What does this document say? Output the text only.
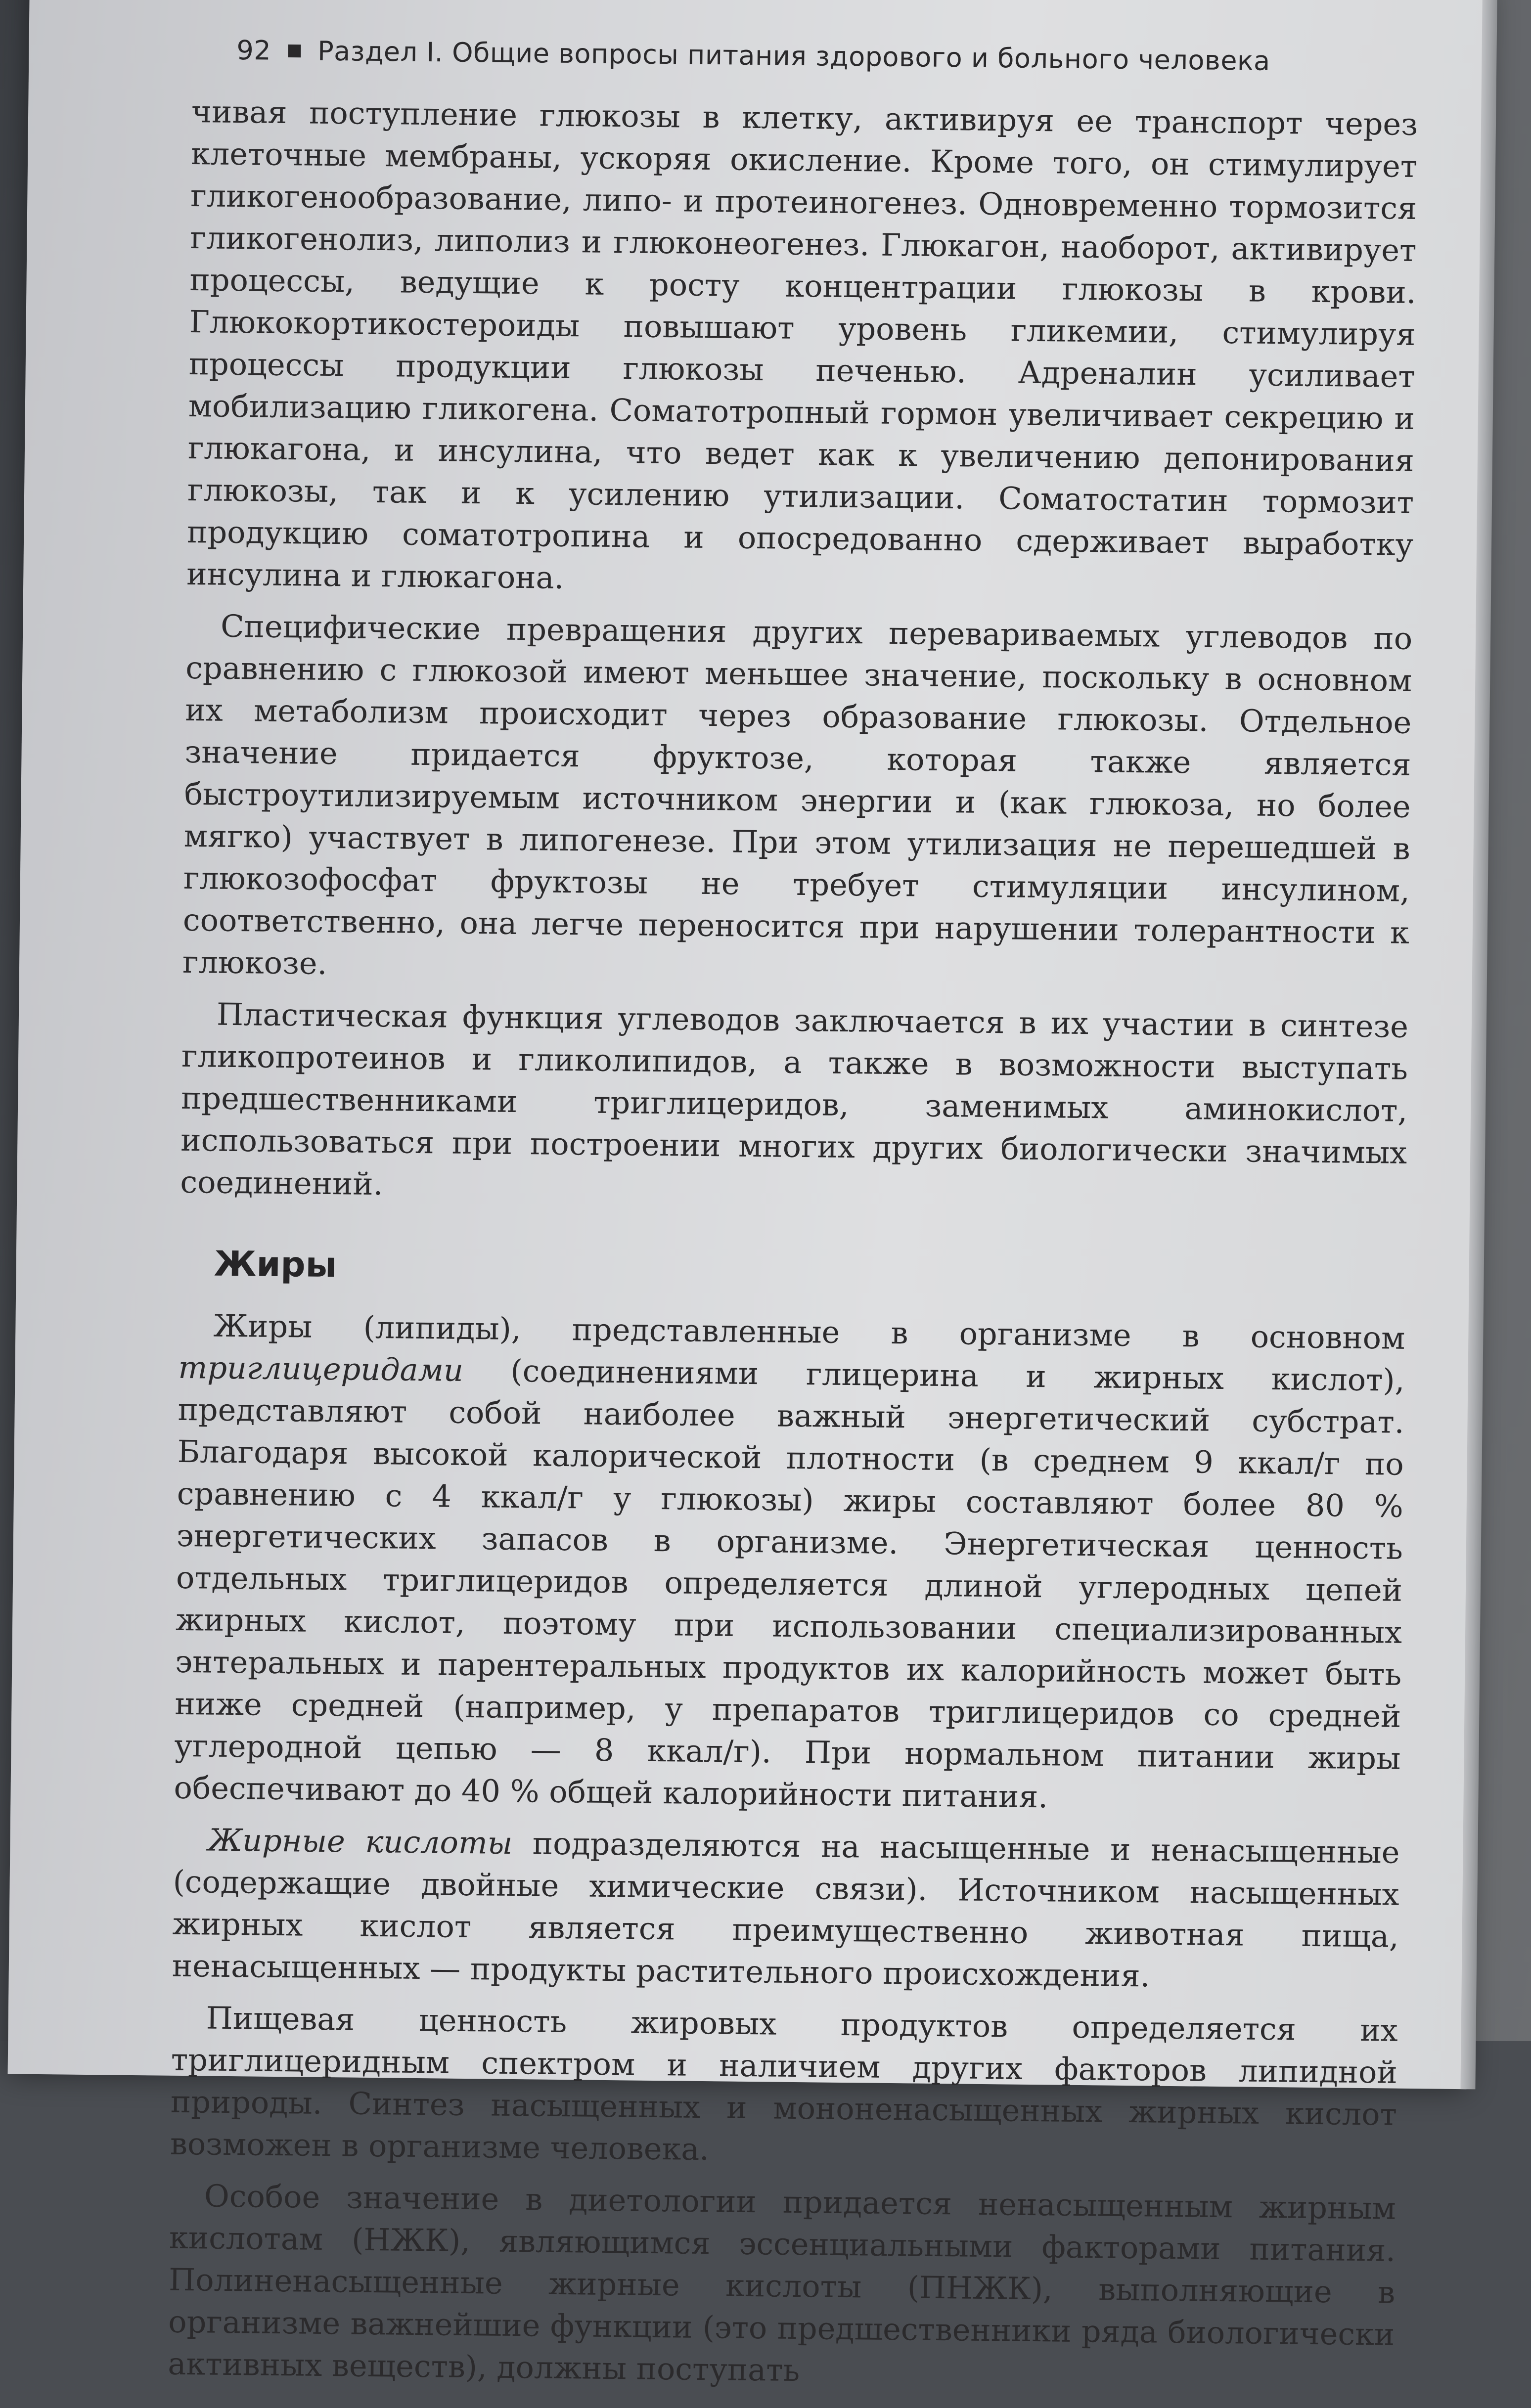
92 Раздел I. Общие вопросы питания здорового и больного человека

чивая поступление глюкозы в клетку, активируя ее транспорт через клеточные мембраны, ускоряя окисление. Кроме того, он стимулирует гликогенообразование, липо- и протеиногенез. Одновременно тормозится гликогенолиз, липолиз и глюконеогенез. Глюкагон, наоборот, активирует процессы, ведущие к росту концентрации глюкозы в крови. Глюкокортикостероиды повышают уровень гликемии, стимулируя процессы продукции глюкозы печенью. Адреналин усиливает мобилизацию гликогена. Соматотропный гормон увеличивает секрецию и глюкагона, и инсулина, что ведет как к увеличению депонирования глюкозы, так и к усилению утилизации. Соматостатин тормозит продукцию соматотропина и опосредованно сдерживает выработку инсулина и глюкагона.

Специфические превращения других перевариваемых углеводов по сравнению с глюкозой имеют меньшее значение, поскольку в основном их метаболизм происходит через образование глюкозы. Отдельное значение придается фруктозе, которая также является быстроутилизируемым источником энергии и (как глюкоза, но более мягко) участвует в липогенезе. При этом утилизация не перешедшей в глюкозофосфат фруктозы не требует стимуляции инсулином, соответственно, она легче переносится при нарушении толерантности к глюкозе.

Пластическая функция углеводов заключается в их участии в синтезе гликопротеинов и гликолипидов, а также в возможности выступать предшественниками триглицеридов, заменимых аминокислот, использоваться при построении многих других биологически значимых соединений.

Жиры

Жиры (липиды), представленные в организме в основном триглицеридами (соединениями глицерина и жирных кислот), представляют собой наиболее важный энергетический субстрат. Благодаря высокой калорической плотности (в среднем 9 ккал/г по сравнению с 4 ккал/г у глюкозы) жиры составляют более 80 % энергетических запасов в организме. Энергетическая ценность отдельных триглицеридов определяется длиной углеродных цепей жирных кислот, поэтому при использовании специализированных энтеральных и парентеральных продуктов их калорийность может быть ниже средней (например, у препаратов триглицеридов со средней углеродной цепью — 8 ккал/г). При нормальном питании жиры обеспечивают до 40 % общей калорийности питания.

Жирные кислоты подразделяются на насыщенные и ненасыщенные (содержащие двойные химические связи). Источником насыщенных жирных кислот является преимущественно животная пища, ненасыщенных — продукты растительного происхождения.

Пищевая ценность жировых продуктов определяется их триглицеридным спектром и наличием других факторов липидной природы. Синтез насыщенных и мононенасыщенных жирных кислот возможен в организме человека.

Особое значение в диетологии придается ненасыщенным жирным кислотам (НЖК), являющимся эссенциальными факторами питания. Полиненасыщенные жирные кислоты (ПНЖК), выполняющие в организме важнейшие функции (это предшественники ряда биологически активных веществ), должны поступать
